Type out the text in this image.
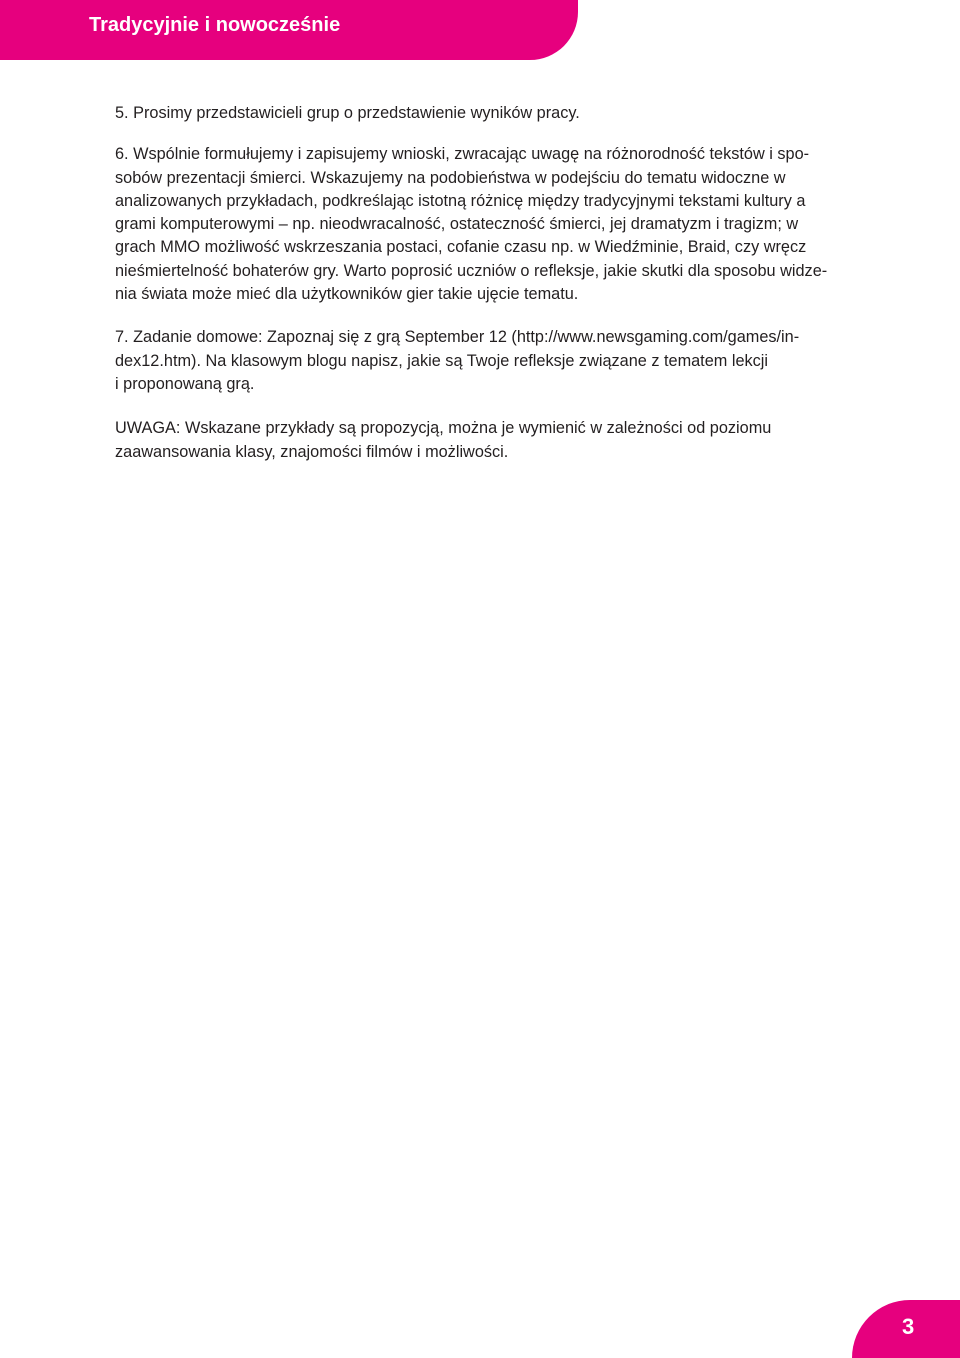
Tradycyjnie i nowocześnie

5. Prosimy przedstawicieli grup o przedstawienie wyników pracy.

6. Wspólnie formułujemy i zapisujemy wnioski, zwracając uwagę na różnorodność tekstów i spo-
sobów prezentacji śmierci. Wskazujemy na podobieństwa w podejściu do tematu widoczne w
analizowanych przykładach, podkreślając istotną różnicę między tradycyjnymi tekstami kultury a
grami komputerowymi – np. nieodwracalność, ostateczność śmierci, jej dramatyzm i tragizm; w
grach MMO możliwość wskrzeszania postaci, cofanie czasu np. w Wiedźminie, Braid, czy wręcz
nieśmiertelność bohaterów gry. Warto poprosić uczniów o refleksje, jakie skutki dla sposobu widze-
nia świata może mieć dla użytkowników gier takie ujęcie tematu.

7. Zadanie domowe: Zapoznaj się z grą September 12 (http://www.newsgaming.com/games/in-
dex12.htm). Na klasowym blogu napisz, jakie są Twoje refleksje związane z tematem lekcji
i proponowaną grą.

UWAGA: Wskazane przykłady są propozycją, można je wymienić w zależności od poziomu
zaawansowania klasy, znajomości filmów i możliwości.

3
